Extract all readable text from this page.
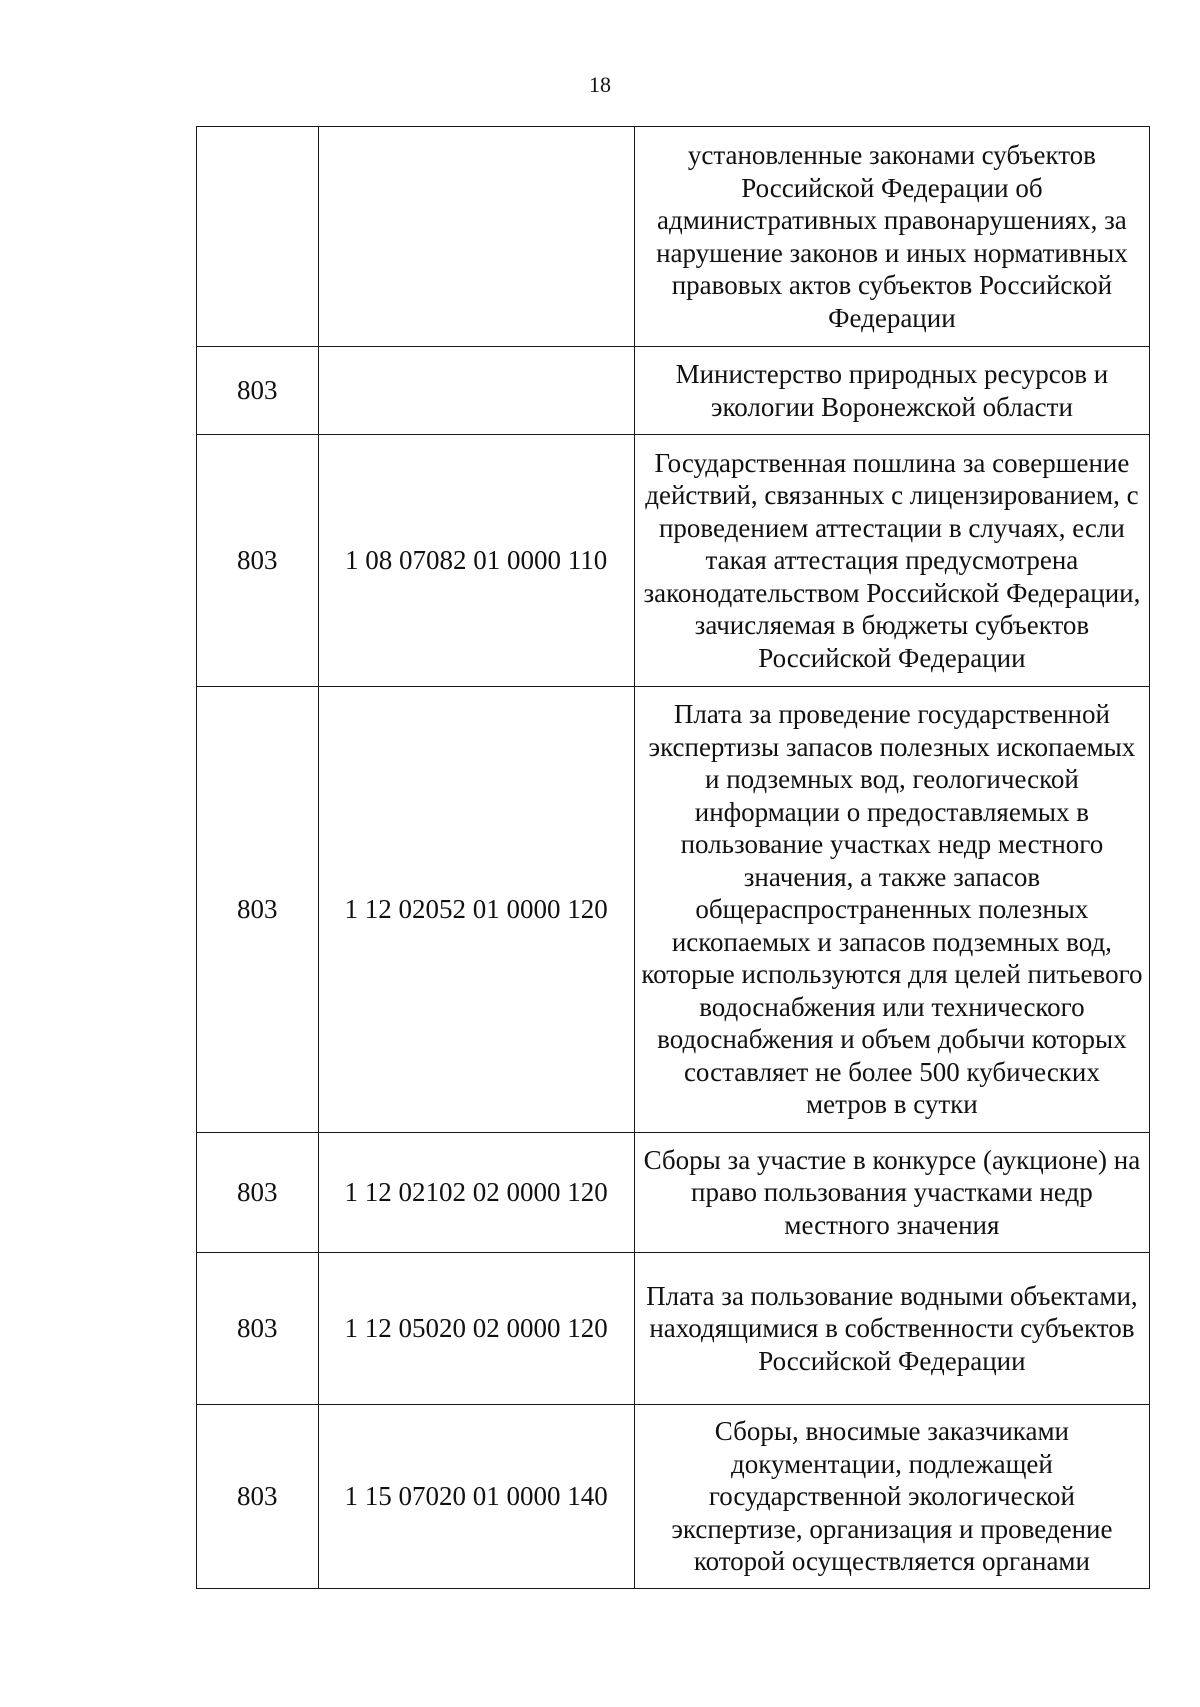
18

		установленные законами субъектов Российской Федерации об административных правонарушениях, за нарушение законов и иных нормативных правовых актов субъектов Российской Федерации

803		Министерство природных ресурсов и экологии Воронежской области

803	1 08 07082 01 0000 110	Государственная пошлина за совершение действий, связанных с лицензированием, с проведением аттестации в случаях, если такая аттестация предусмотрена законодательством Российской Федерации, зачисляемая в бюджеты субъектов Российской Федерации

803	1 12 02052 01 0000 120	Плата за проведение государственной экспертизы запасов полезных ископаемых и подземных вод, геологической информации о предоставляемых в пользование участках недр местного значения, а также запасов общераспространенных полезных ископаемых и запасов подземных вод, которые используются для целей питьевого водоснабжения или технического водоснабжения и объем добычи которых составляет не более 500 кубических метров в сутки

803	1 12 02102 02 0000 120	Сборы за участие в конкурсе (аукционе) на право пользования участками недр местного значения

803	1 12 05020 02 0000 120	Плата за пользование водными объектами, находящимися в собственности субъектов Российской Федерации

803	1 15 07020 01 0000 140	Сборы, вносимые заказчиками документации, подлежащей государственной экологической экспертизе, организация и проведение которой осуществляется органами
